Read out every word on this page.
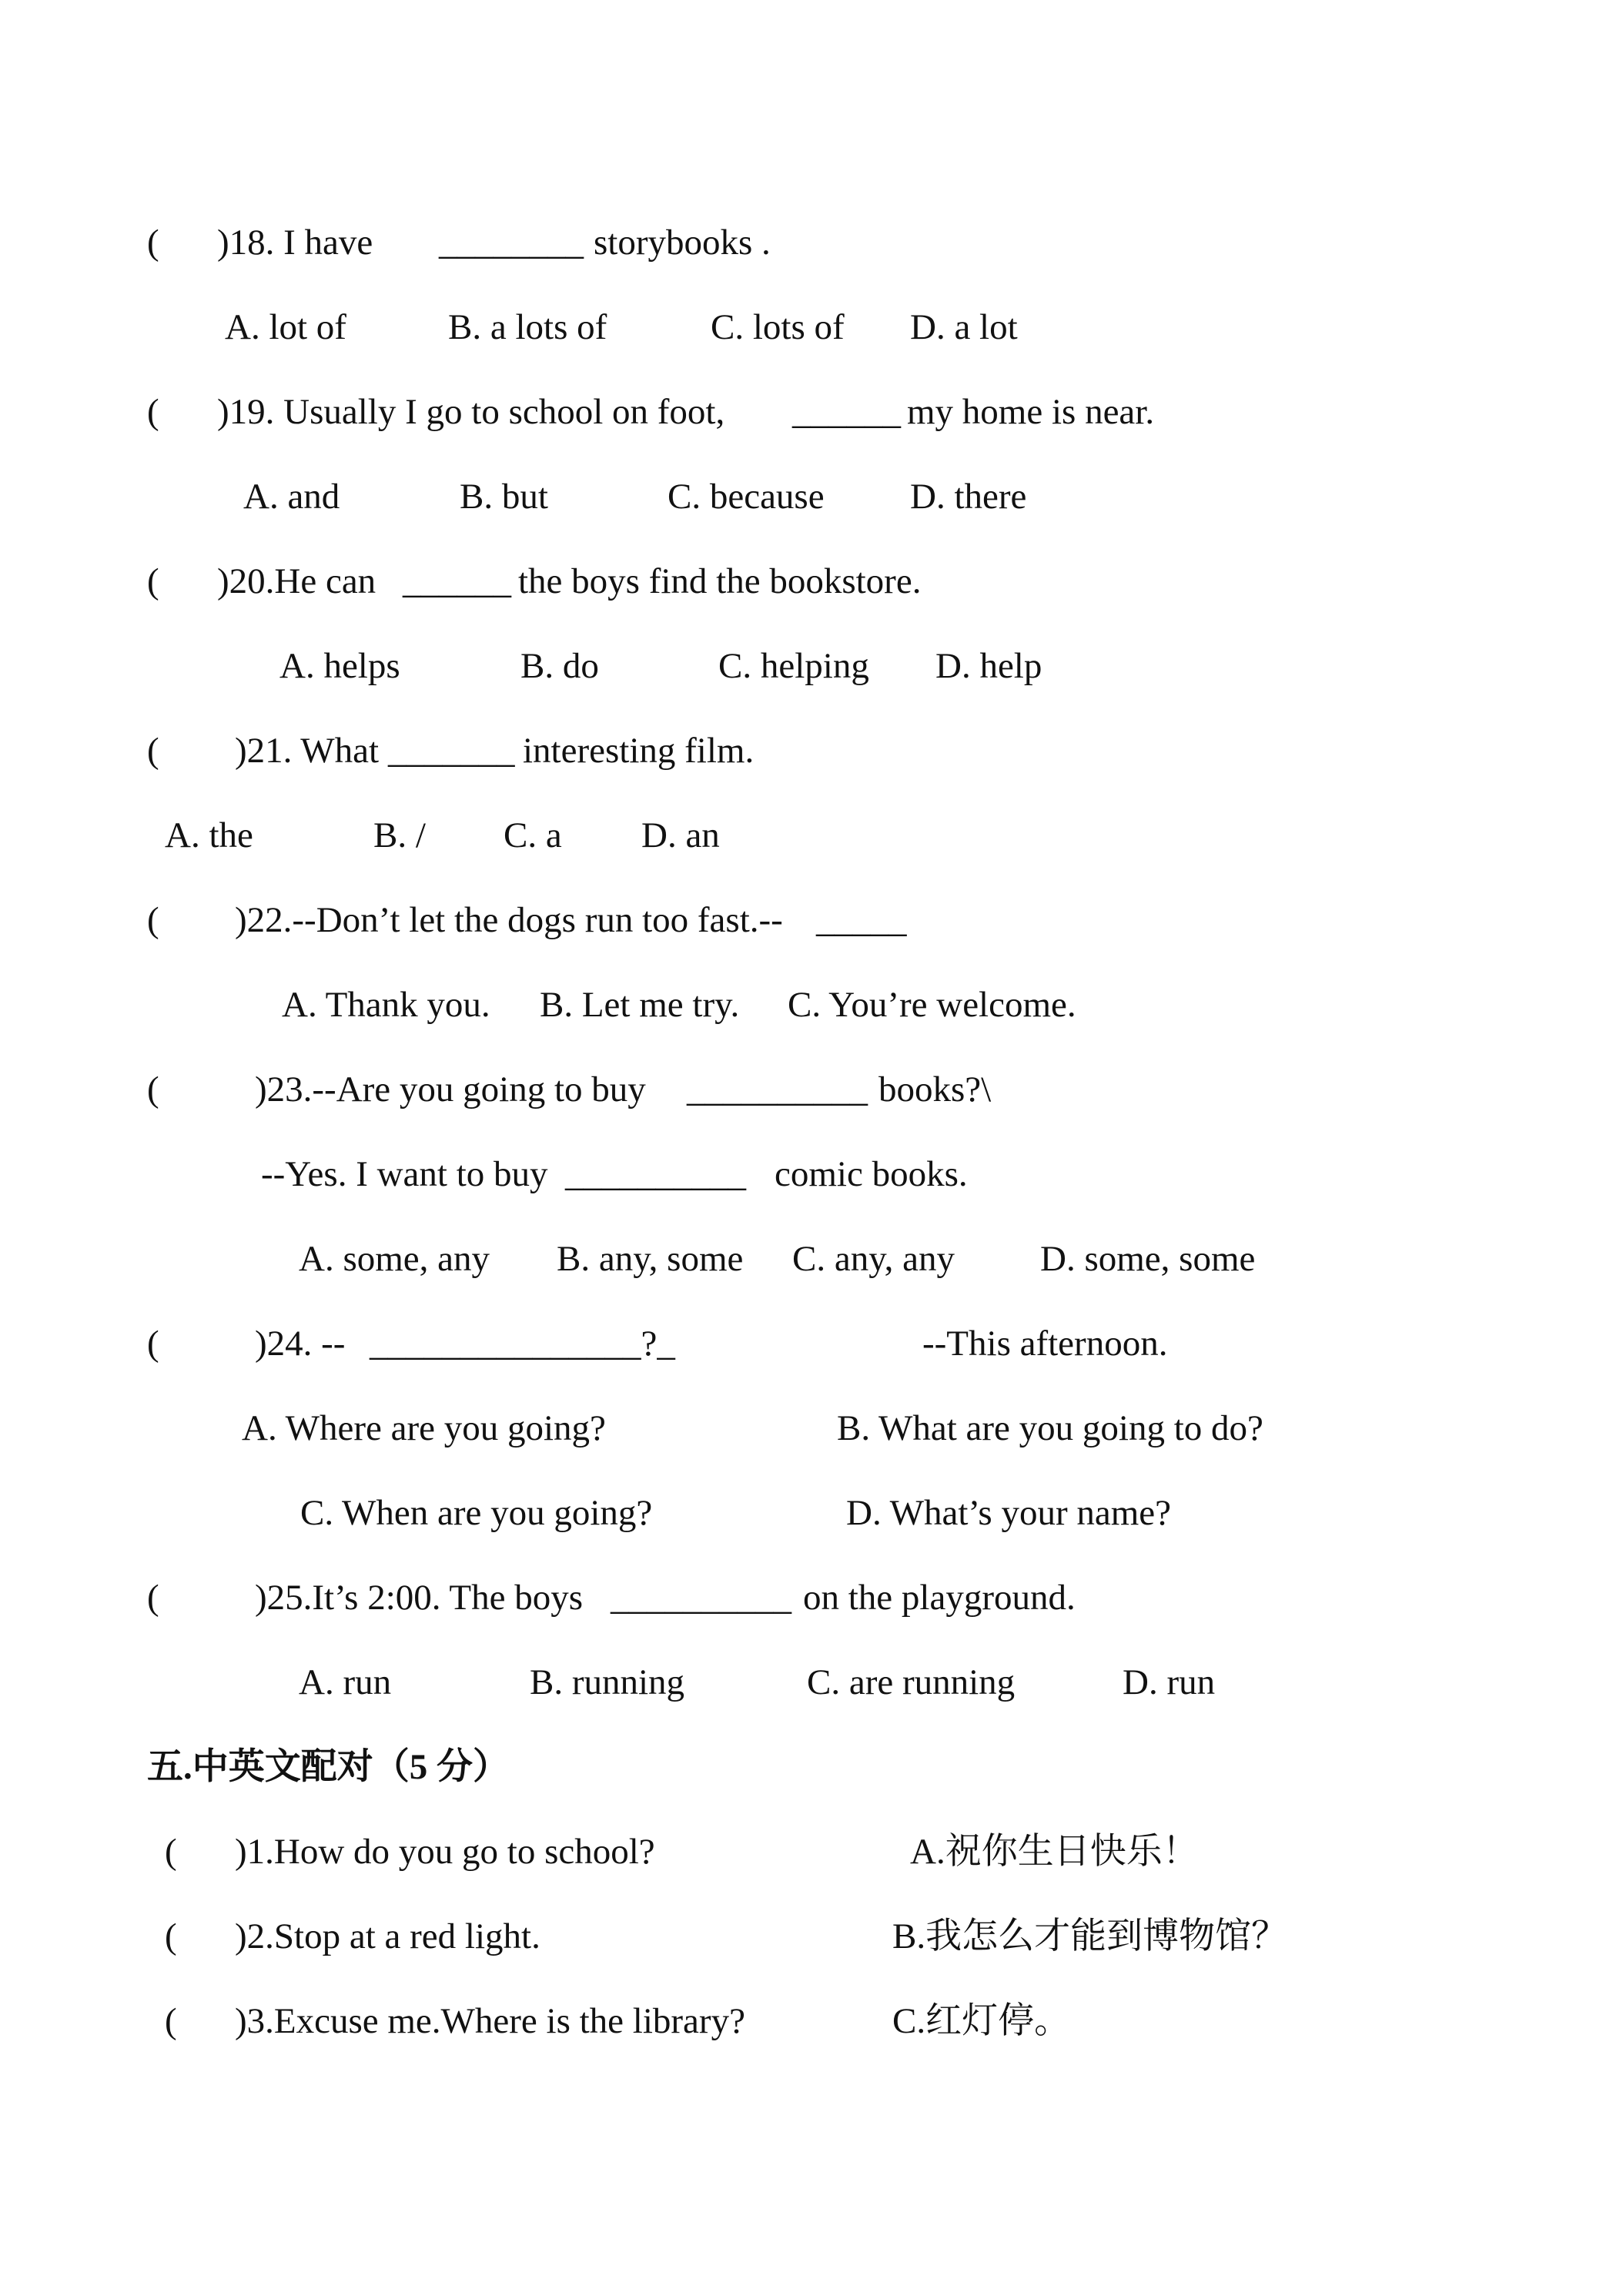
( )18. I have ________ storybooks .
A. lot of	B. a lots of	C. lots of D. a lot
( )19. Usually I go to school on foot, ______ my home is near.
A. and	B. but	C. because D. there
( )20.He can ______ the boys find the bookstore.
A. helps	B. do	C. helping D. help
( )21. What _______ interesting film.
A. the	B. / C. a D. an
( )22.--Don’t let the dogs run too fast.-- _____
A. Thank you. B. Let me try. C. You’re welcome.
(	)23.--Are you going to buy __________ books?\
--Yes. I want to buy __________ comic books.
A. some, any B. any, some C. any, any D. some, some
(	)24. -- _______________?_	--This afternoon.
A. Where are you going?	B. What are you going to do?
C. When are you going?	D. What’s your name?
(	)25.It’s 2:00. The boys __________ on the playground.
A. run	B. running	C. are running	D. run
五.中英文配对（5 分）
( )1.How do you go to school?	A.祝你生日快乐！
( )2.Stop at a red light.	B.我怎么才能到博物馆？
( )3.Excuse me.Where is the library?	C.红灯停。
